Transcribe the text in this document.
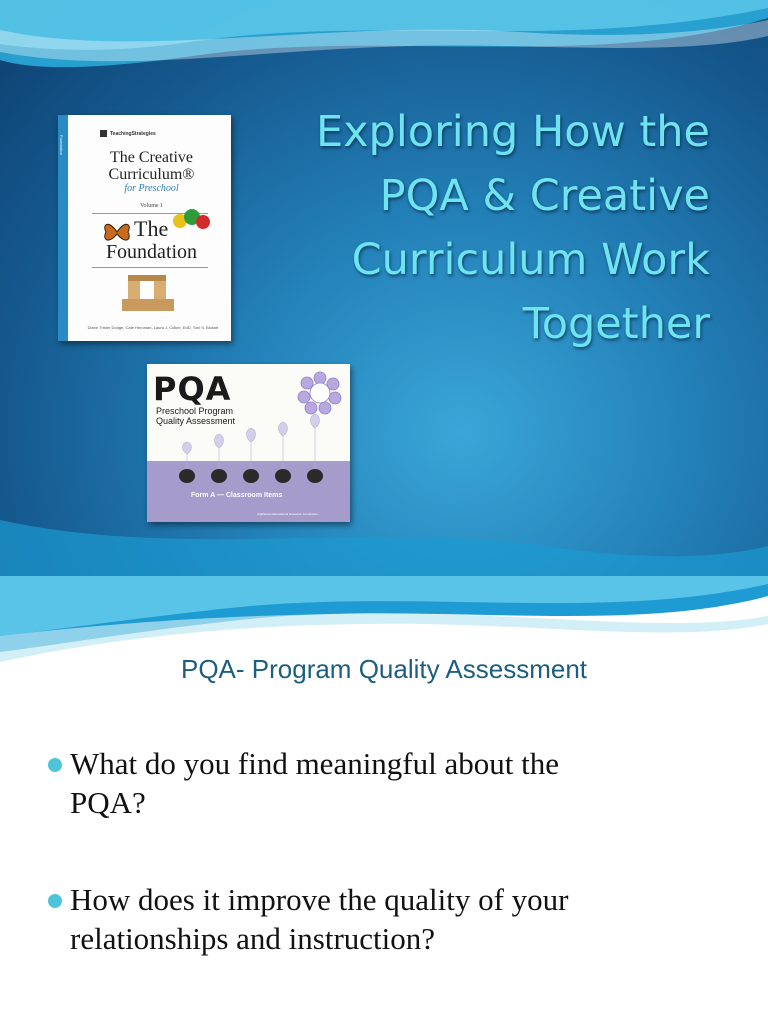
Exploring How the
PQA & Creative
Curriculum Work
Together
Foundation
TeachingStrategies
The Creative
Curriculum®
for Preschool
Volume 1
The
Foundation
Diane Trister Dodge, Cate Heroman, Laura J. Colker, EdD, Toni S. Bickart
PQA
Preschool Program
Quality Assessment
Form A — Classroom Items
HighScope Educational Research Foundation
PQA- Program Quality Assessment
What do you find meaningful about the
PQA?
How does it improve the quality of your
relationships and instruction?
